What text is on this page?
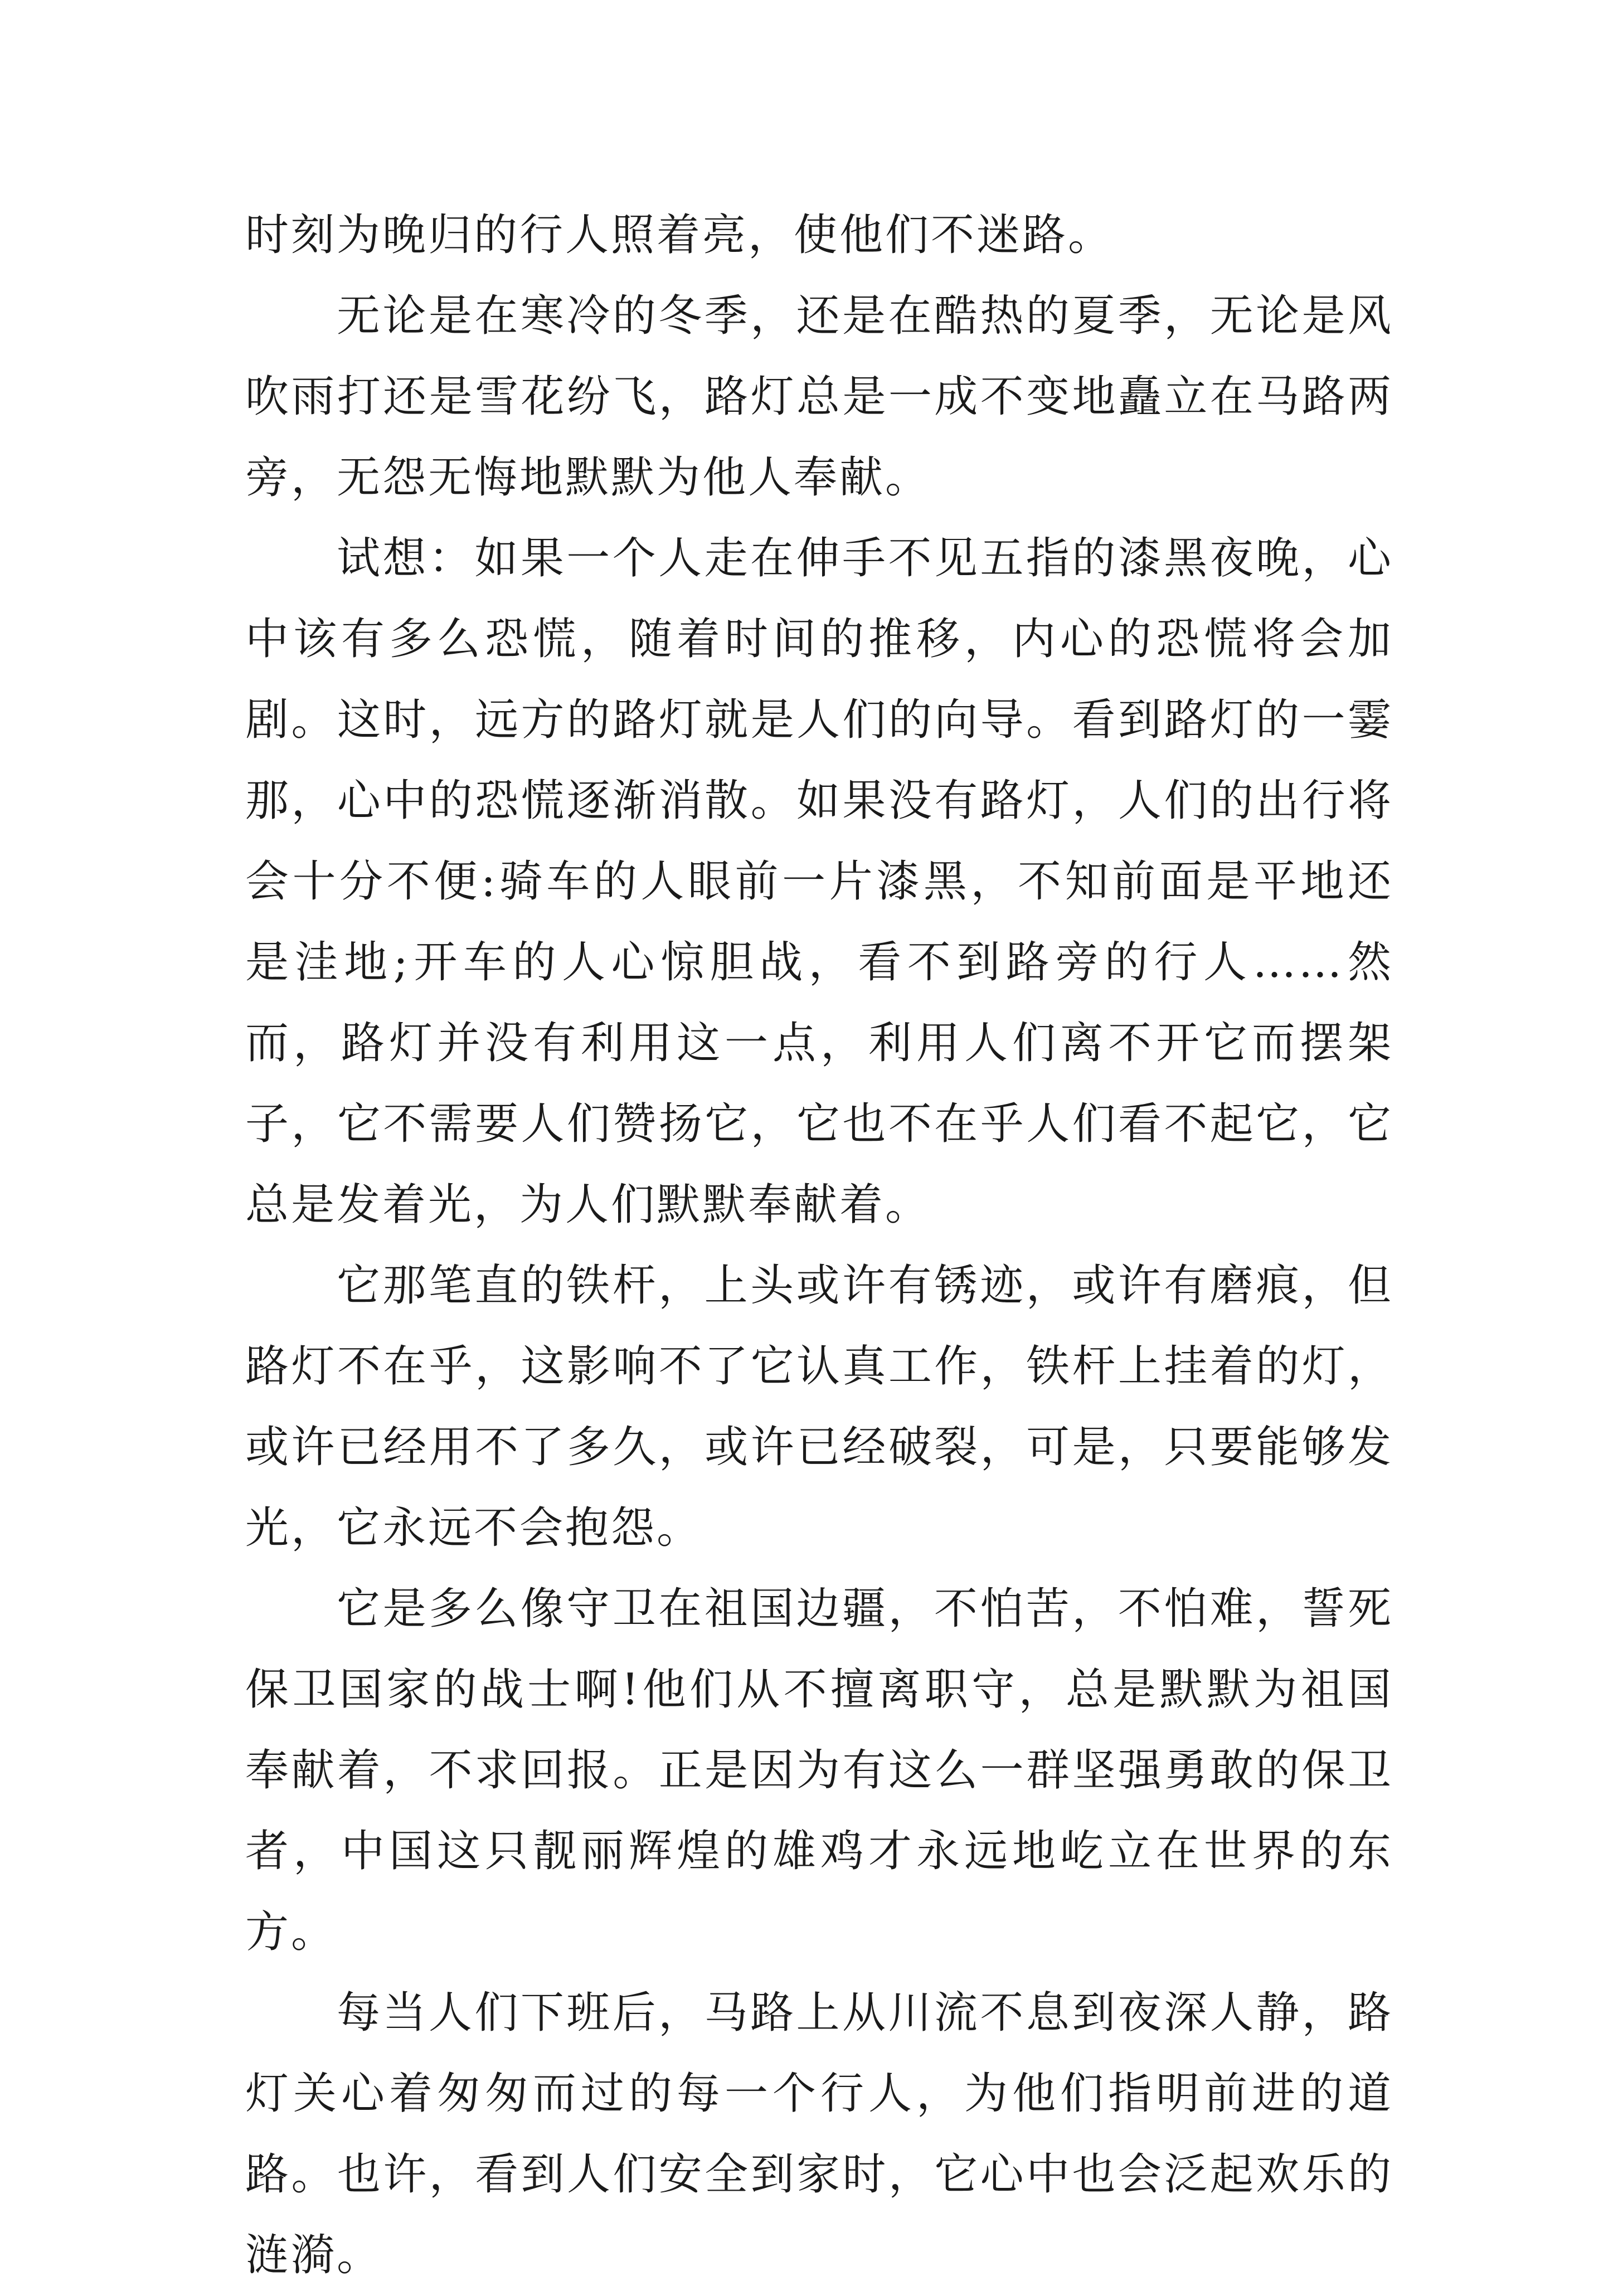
时刻为晚归的行人照着亮，使他们不迷路。

无论是在寒冷的冬季，还是在酷热的夏季，无论是风吹雨打还是雪花纷飞，路灯总是一成不变地矗立在马路两旁，无怨无悔地默默为他人奉献。

试想：如果一个人走在伸手不见五指的漆黑夜晚，心中该有多么恐慌，随着时间的推移，内心的恐慌将会加剧。这时，远方的路灯就是人们的向导。看到路灯的一霎那，心中的恐慌逐渐消散。如果没有路灯，人们的出行将会十分不便:骑车的人眼前一片漆黑，不知前面是平地还是洼地;开车的人心惊胆战，看不到路旁的行人……然而，路灯并没有利用这一点，利用人们离不开它而摆架子，它不需要人们赞扬它，它也不在乎人们看不起它，它总是发着光，为人们默默奉献着。

它那笔直的铁杆，上头或许有锈迹，或许有磨痕，但路灯不在乎，这影响不了它认真工作，铁杆上挂着的灯，或许已经用不了多久，或许已经破裂，可是，只要能够发光，它永远不会抱怨。

它是多么像守卫在祖国边疆，不怕苦，不怕难，誓死保卫国家的战士啊!他们从不擅离职守，总是默默为祖国奉献着，不求回报。正是因为有这么一群坚强勇敢的保卫者，中国这只靓丽辉煌的雄鸡才永远地屹立在世界的东方。

每当人们下班后，马路上从川流不息到夜深人静，路灯关心着匆匆而过的每一个行人，为他们指明前进的道路。也许，看到人们安全到家时，它心中也会泛起欢乐的涟漪。
